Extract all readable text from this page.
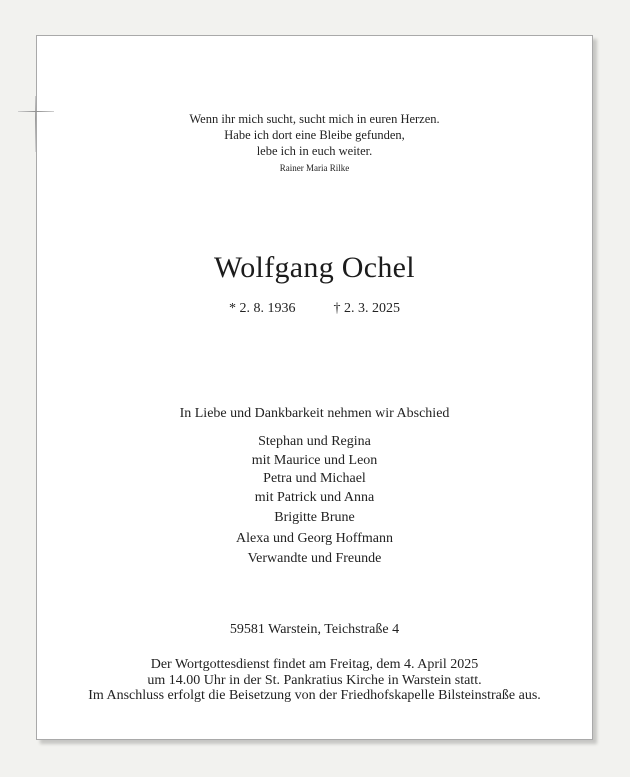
Wenn ihr mich sucht, sucht mich in euren Herzen.
Habe ich dort eine Bleibe gefunden,
lebe ich in euch weiter.
Rainer Maria Rilke
Wolfgang Ochel
* 2. 8. 1936	† 2. 3. 2025
In Liebe und Dankbarkeit nehmen wir Abschied
Stephan und Regina
mit Maurice und Leon
Petra und Michael
mit Patrick und Anna
Brigitte Brune
Alexa und Georg Hoffmann
Verwandte und Freunde
59581 Warstein, Teichstraße 4
Der Wortgottesdienst findet am Freitag, dem 4. April 2025
um 14.00 Uhr in der St. Pankratius Kirche in Warstein statt.
Im Anschluss erfolgt die Beisetzung von der Friedhofskapelle Bilsteinstraße aus.
